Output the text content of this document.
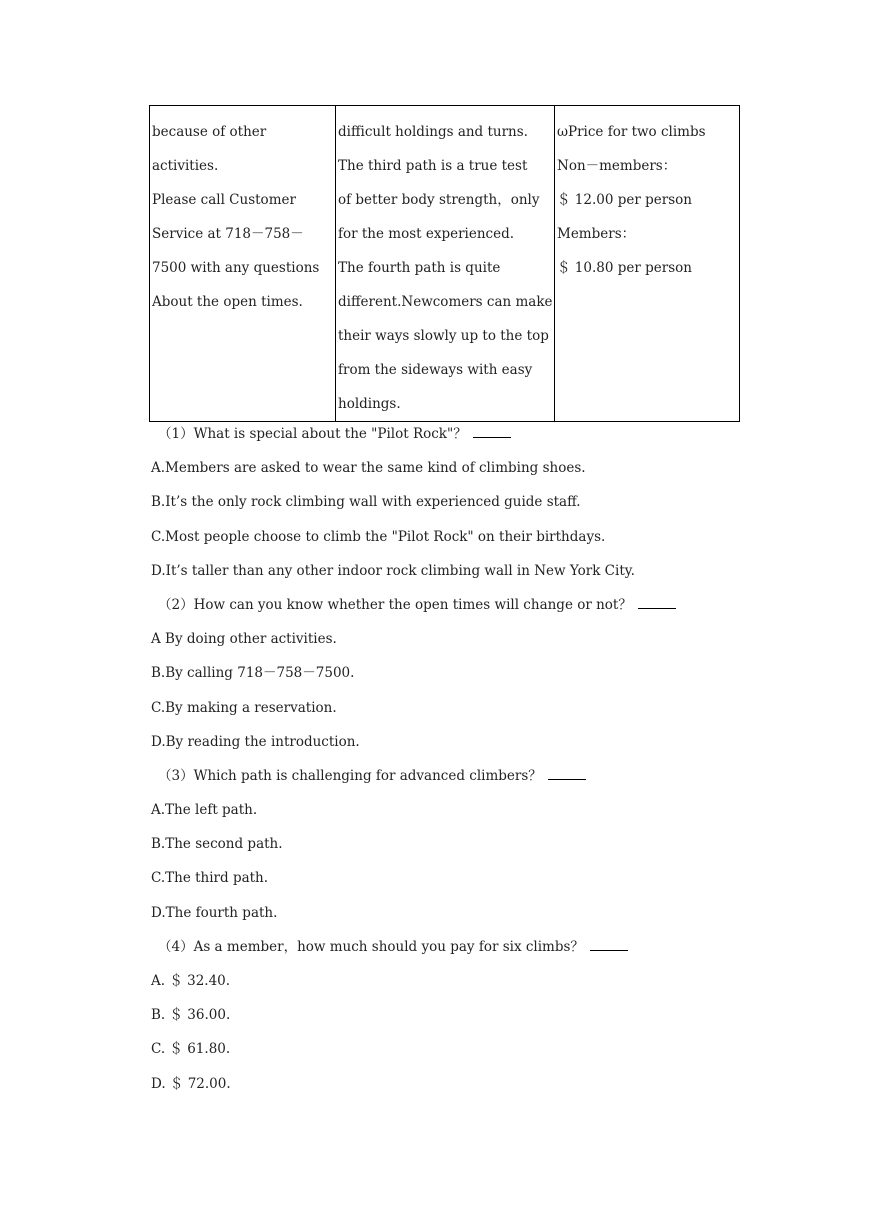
because of other
activities.
Please call Customer
Service at 718－758－
7500 with any questions
About the open times.

difficult holdings and turns.
The third path is a true test
of better body strength，only
for the most experienced.
The fourth path is quite
different.Newcomers can make
their ways slowly up to the top
from the sideways with easy
holdings.

ωPrice for two climbs
Non－members：
＄ 12.00 per person
Members：
＄ 10.80 per person
（1）What is special about the "Pilot Rock"？
A.Members are asked to wear the same kind of climbing shoes.
B.It’s the only rock climbing wall with experienced guide staff.
C.Most people choose to climb the "Pilot Rock" on their birthdays.
D.It’s taller than any other indoor rock climbing wall in New York City.
（2）How can you know whether the open times will change or not？
A By doing other activities.
B.By calling 718－758－7500.
C.By making a reservation.
D.By reading the introduction.
（3）Which path is challenging for advanced climbers？
A.The left path.
B.The second path.
C.The third path.
D.The fourth path.
（4）As a member，how much should you pay for six climbs？
A. ＄ 32.40.
B. ＄ 36.00.
C. ＄ 61.80.
D. ＄ 72.00.
